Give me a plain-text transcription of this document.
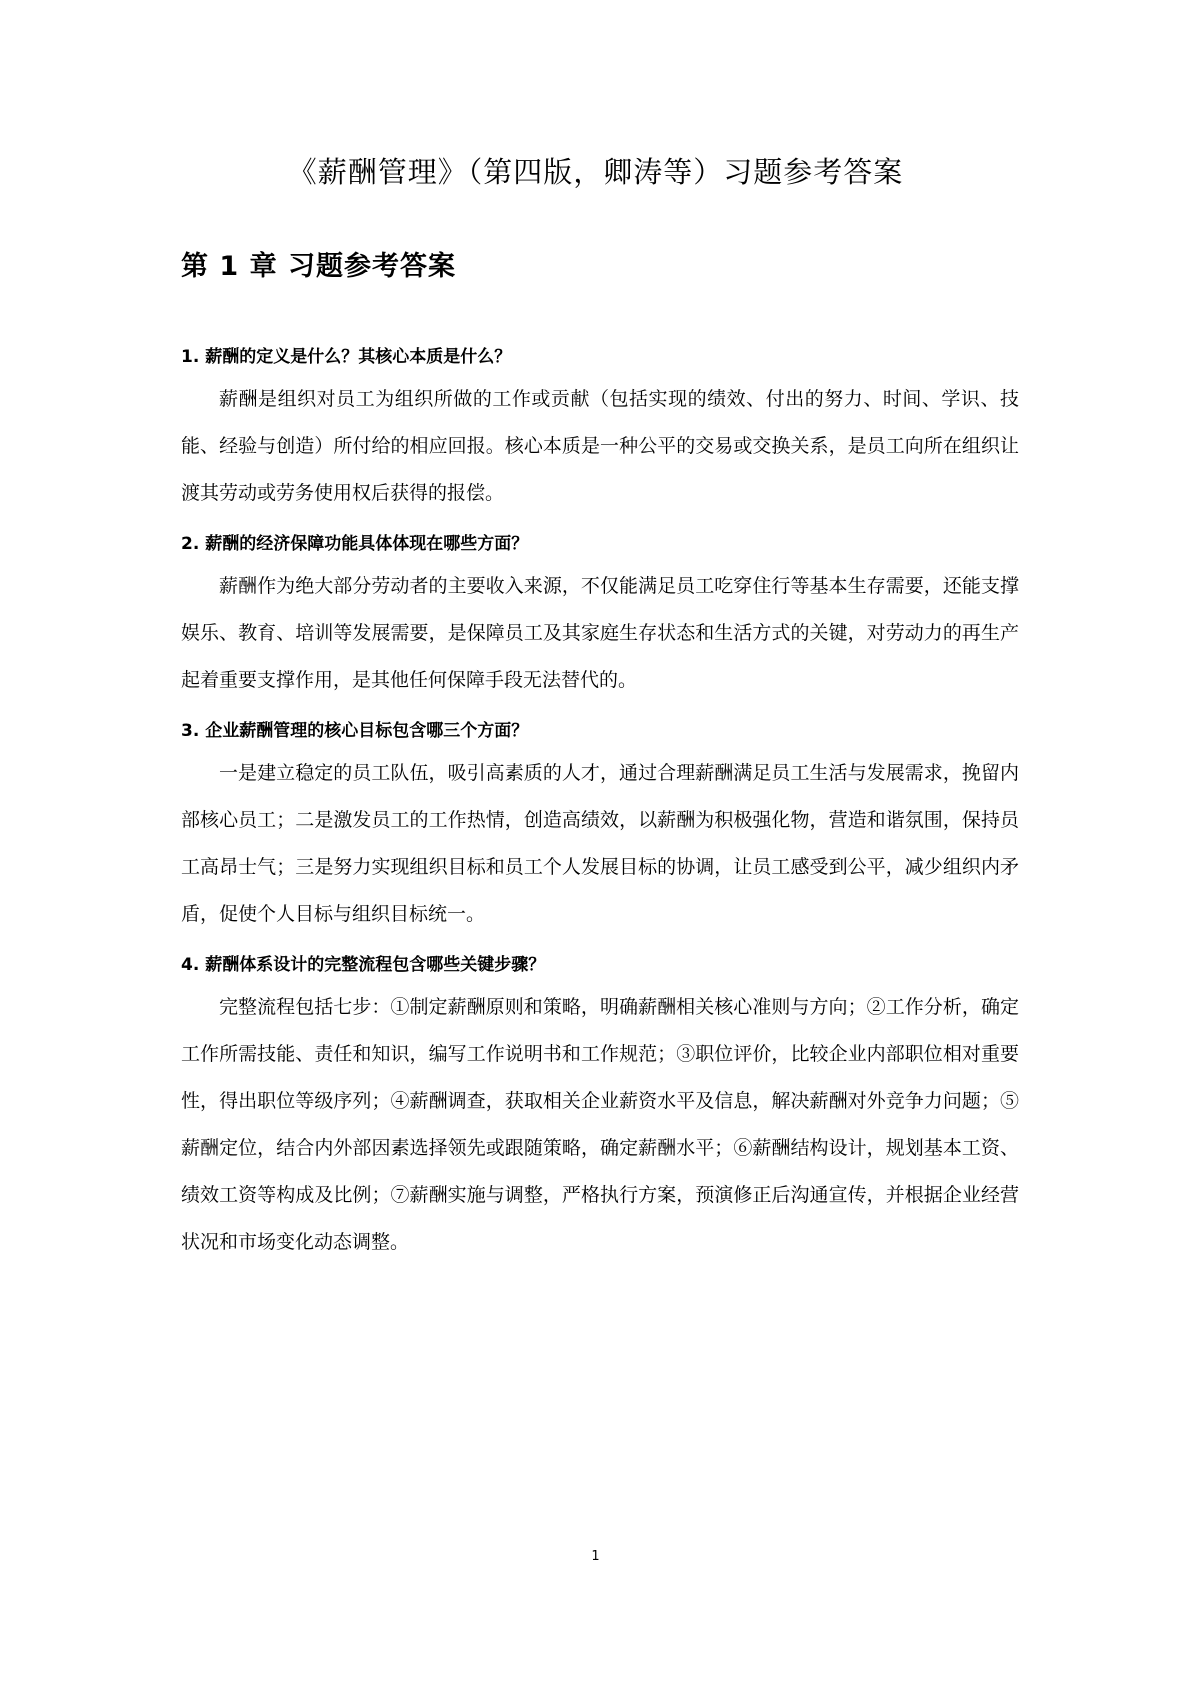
《薪酬管理》（第四版，卿涛等）习题参考答案
第 1 章 习题参考答案

1. 薪酬的定义是什么？其核心本质是什么？

薪酬是组织对员工为组织所做的工作或贡献（包括实现的绩效、付出的努力、时间、学识、技能、经验与创造）所付给的相应回报。核心本质是一种公平的交易或交换关系，是员工向所在组织让渡其劳动或劳务使用权后获得的报偿。

2. 薪酬的经济保障功能具体体现在哪些方面？

薪酬作为绝大部分劳动者的主要收入来源，不仅能满足员工吃穿住行等基本生存需要，还能支撑娱乐、教育、培训等发展需要，是保障员工及其家庭生存状态和生活方式的关键，对劳动力的再生产起着重要支撑作用，是其他任何保障手段无法替代的。

3. 企业薪酬管理的核心目标包含哪三个方面？

一是建立稳定的员工队伍，吸引高素质的人才，通过合理薪酬满足员工生活与发展需求，挽留内部核心员工；二是激发员工的工作热情，创造高绩效，以薪酬为积极强化物，营造和谐氛围，保持员工高昂士气；三是努力实现组织目标和员工个人发展目标的协调，让员工感受到公平，减少组织内矛盾，促使个人目标与组织目标统一。

4. 薪酬体系设计的完整流程包含哪些关键步骤？

完整流程包括七步：①制定薪酬原则和策略，明确薪酬相关核心准则与方向；②工作分析，确定工作所需技能、责任和知识，编写工作说明书和工作规范；③职位评价，比较企业内部职位相对重要性，得出职位等级序列；④薪酬调查，获取相关企业薪资水平及信息，解决薪酬对外竞争力问题；⑤薪酬定位，结合内外部因素选择领先或跟随策略，确定薪酬水平；⑥薪酬结构设计，规划基本工资、绩效工资等构成及比例；⑦薪酬实施与调整，严格执行方案，预演修正后沟通宣传，并根据企业经营状况和市场变化动态调整。

1
